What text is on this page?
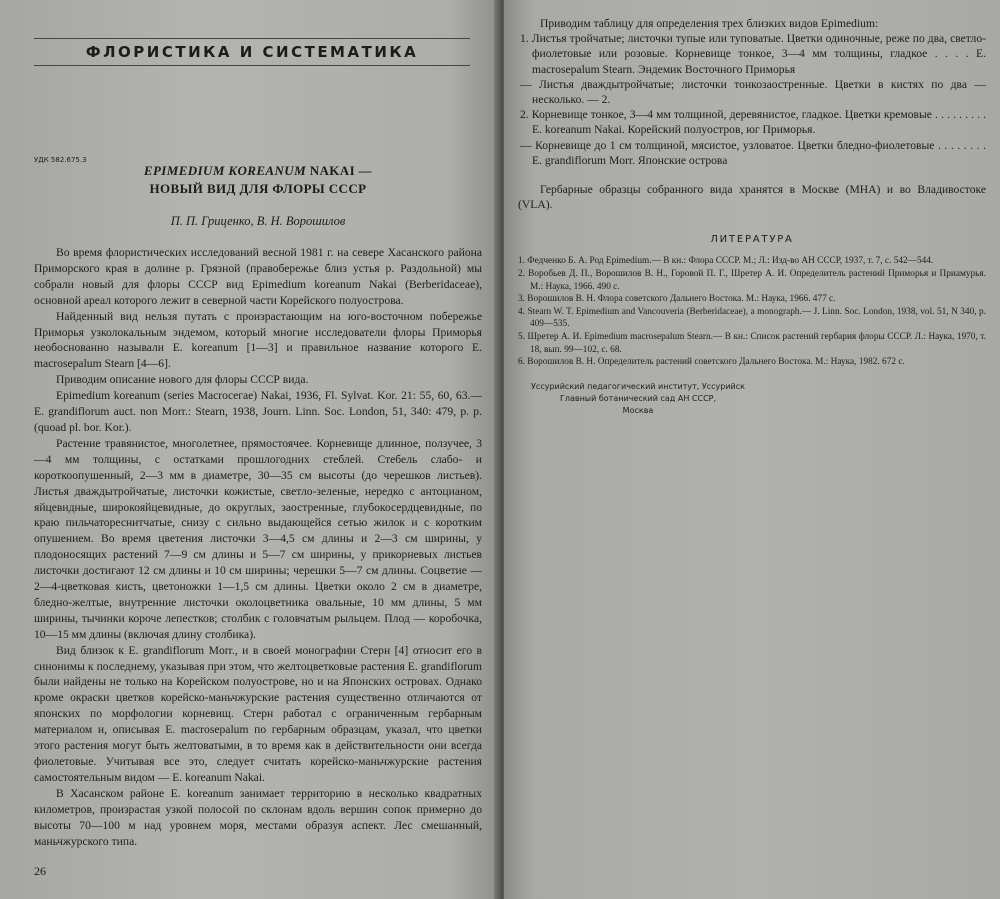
ФЛОРИСТИКА И СИСТЕМАТИКА
УДК 582.675.3
EPIMEDIUM KOREANUM NAKAI —
НОВЫЙ ВИД ДЛЯ ФЛОРЫ СССР
П. П. Гриценко, В. Н. Ворошилов

Во время флористических исследований весной 1981 г. на севере Хасанского района Приморского края в долине р. Грязной (правобережье близ устья р. Раздольной) мы собрали новый для флоры СССР вид Epimedium koreanum Nakai (Berberidaceae), основной ареал которого лежит в северной части Корейского полуострова.

Найденный вид нельзя путать с произрастающим на юго-восточном побережье Приморья узколокальным эндемом, который многие исследователи флоры Приморья необоснованно называли E. koreanum [1—3] и правильное название которого E. macrosepalum Stearn [4—6].

Приводим описание нового для флоры СССР вида.

Epimedium koreanum (series Macroceгae) Nakai, 1936, Fl. Sylvat. Kor. 21: 55, 60, 63.— E. grandiflorum auct. non Morr.: Stearn, 1938, Journ. Linn. Soc. London, 51, 340: 479, p. p. (quoad pl. bor. Kor.).

Растение травянистое, многолетнее, прямостоячее. Корневище длинное, ползучее, 3—4 мм толщины, с остатками прошлогодних стеблей. Стебель слабо- и короткоопушенный, 2—3 мм в диаметре, 30—35 см высоты (до черешков листьев). Листья дваждытройчатые, листочки кожистые, светло-зеленые, нередко с антоцианом, яйцевидные, широкояйцевидные, до округлых, заостренные, глубокосердцевидные, по краю пильчатореснитчатые, снизу с сильно выдающейся сетью жилок и с коротким опушением. Во время цветения листочки 3—4,5 см длины и 2—3 см ширины, у плодоносящих растений 7—9 см длины и 5—7 см ширины, у прикорневых листьев листочки достигают 12 см длины и 10 см ширины; черешки 5—7 см длины. Соцветие — 2—4-цветковая кисть, цветоножки 1—1,5 см длины. Цветки около 2 см в диаметре, бледно-желтые, внутренние листочки околоцветника овальные, 10 мм длины, 5 мм ширины, тычинки короче лепестков; столбик с головчатым рыльцем. Плод — коробочка, 10—15 мм длины (включая длину столбика).

Вид близок к E. grandiflorum Morr., и в своей монографии Стерн [4] относит его в синонимы к последнему, указывая при этом, что желтоцветковые растения E. grandiflorum были найдены не только на Корейском полуострове, но и на Японских островах. Однако кроме окраски цветков корейско-маньчжурские растения существенно отличаются от японских по морфологии корневищ. Стерн работал с ограниченным гербарным материалом и, описывая E. macrosepalum по гербарным образцам, указал, что цветки этого растения могут быть желтоватыми, в то время как в действительности они всегда фиолетовые. Учитывая все это, следует считать корейско-маньчжурские растения самостоятельным видом — E. koreanum Nakai.

В Хасанском районе E. koreanum занимает территорию в несколько квадратных километров, произрастая узкой полосой по склонам вдоль вершин сопок примерно до высоты 70—100 м над уровнем моря, местами образуя аспект. Лес смешанный, маньчжурского типа.

26

Приводим таблицу для определения трех близких видов Epimedium:

1. Листья тройчатые; листочки тупые или туповатые. Цветки одиночные, реже по два, светло-фиолетовые или розовые. Корневище тонкое, 3—4 мм толщины, гладкое . . . . E. macrosepalum Stearn. Эндемик Восточного Приморья

— Листья дваждытройчатые; листочки тонкозаостренные. Цветки в кистях по два — несколько. — 2.

2. Корневище тонкое, 3—4 мм толщиной, деревянистое, гладкое. Цветки кремовые . . . . . . . . . E. koreanum Nakai. Корейский полуостров, юг Приморья.

— Корневище до 1 см толщиной, мясистое, узловатое. Цветки бледно-фиолетовые . . . . . . . . E. grandiflorum Morr. Японские острова

Гербарные образцы собранного вида хранятся в Москве (MHA) и во Владивостоке (VLA).

ЛИТЕРАТУРА
1. Федченко Б. А. Род Epimedium.— В кн.: Флора СССР. М.; Л.: Изд-во АН СССР, 1937, т. 7, с. 542—544.
2. Воробьев Д. П., Ворошилов В. Н., Горовой П. Г., Шретер А. И. Определитель растений Приморья и Приамурья. М.: Наука, 1966. 490 с.
3. Ворошилов В. Н. Флора советского Дальнего Востока. М.: Наука, 1966. 477 с.
4. Stearn W. T. Epimedium and Vancouveria (Berberidaceae), a monograph.— J. Linn. Soc. London, 1938, vol. 51, N 340, p. 409—535.
5. Шретер А. И. Epimedium macrosepalum Stearn.— В кн.: Список растений гербария флоры СССР. Л.: Наука, 1970, т. 18, вып. 99—102, с. 68.
6. Ворошилов В. Н. Определитель растений советского Дальнего Востока. М.: Наука, 1982. 672 с.
Уссурийский педагогический институт, Уссурийск
Главный ботанический сад АН СССР,
Москва
